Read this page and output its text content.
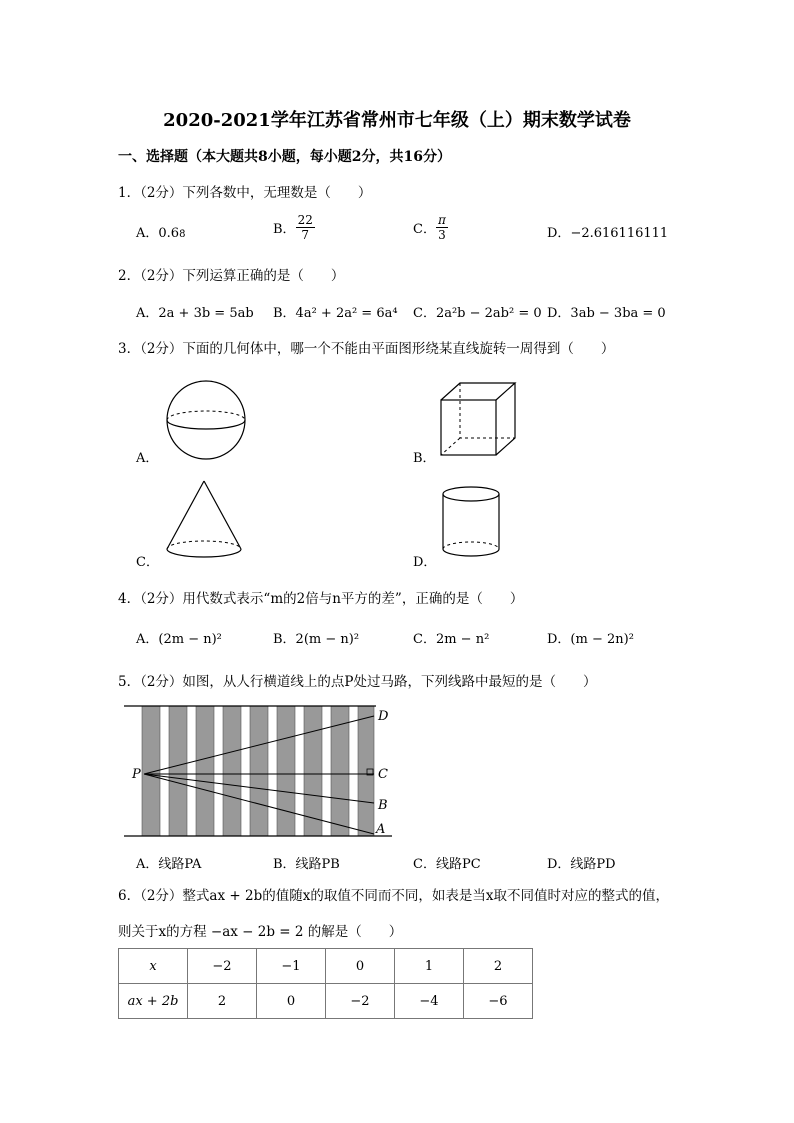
2020-2021学年江苏省常州市七年级（上）期末数学试卷
一、选择题（本大题共8小题，每小题2分，共16分）
1．（2分）下列各数中，无理数是（　　）
A．0.68̇	B． $\frac{22}{7}$	C． $\frac{\pi}{3}$	D．−2.616116111
2．（2分）下列运算正确的是（　　）
A．2a + 3b = 5ab B．4a² + 2a² = 6a⁴ C．2a²b − 2ab² = 0 D．3ab − 3ba = 0
3．（2分）下面的几何体中，哪一个不能由平面图形绕某直线旋转一周得到（　　）
A．	B．
C．	D．
4．（2分）用代数式表示“m的2倍与n平方的差”，正确的是（　　）
A．(2m − n)²	B．2(m − n)²	C．2m − n²	D．(m − 2n)²
5．（2分）如图，从人行横道线上的点P处过马路，下列线路中最短的是（　　）
P
D
C
B
A
A．线路PA	B．线路PB	C．线路PC	D．线路PD
6．（2分）整式ax + 2b的值随x的取值不同而不同，如表是当x取不同值时对应的整式的值，
则关于x的方程 −ax − 2b = 2 的解是（　　）
x	−2	−1	0	1	2
ax + 2b	2	0	−2	−4	−6
